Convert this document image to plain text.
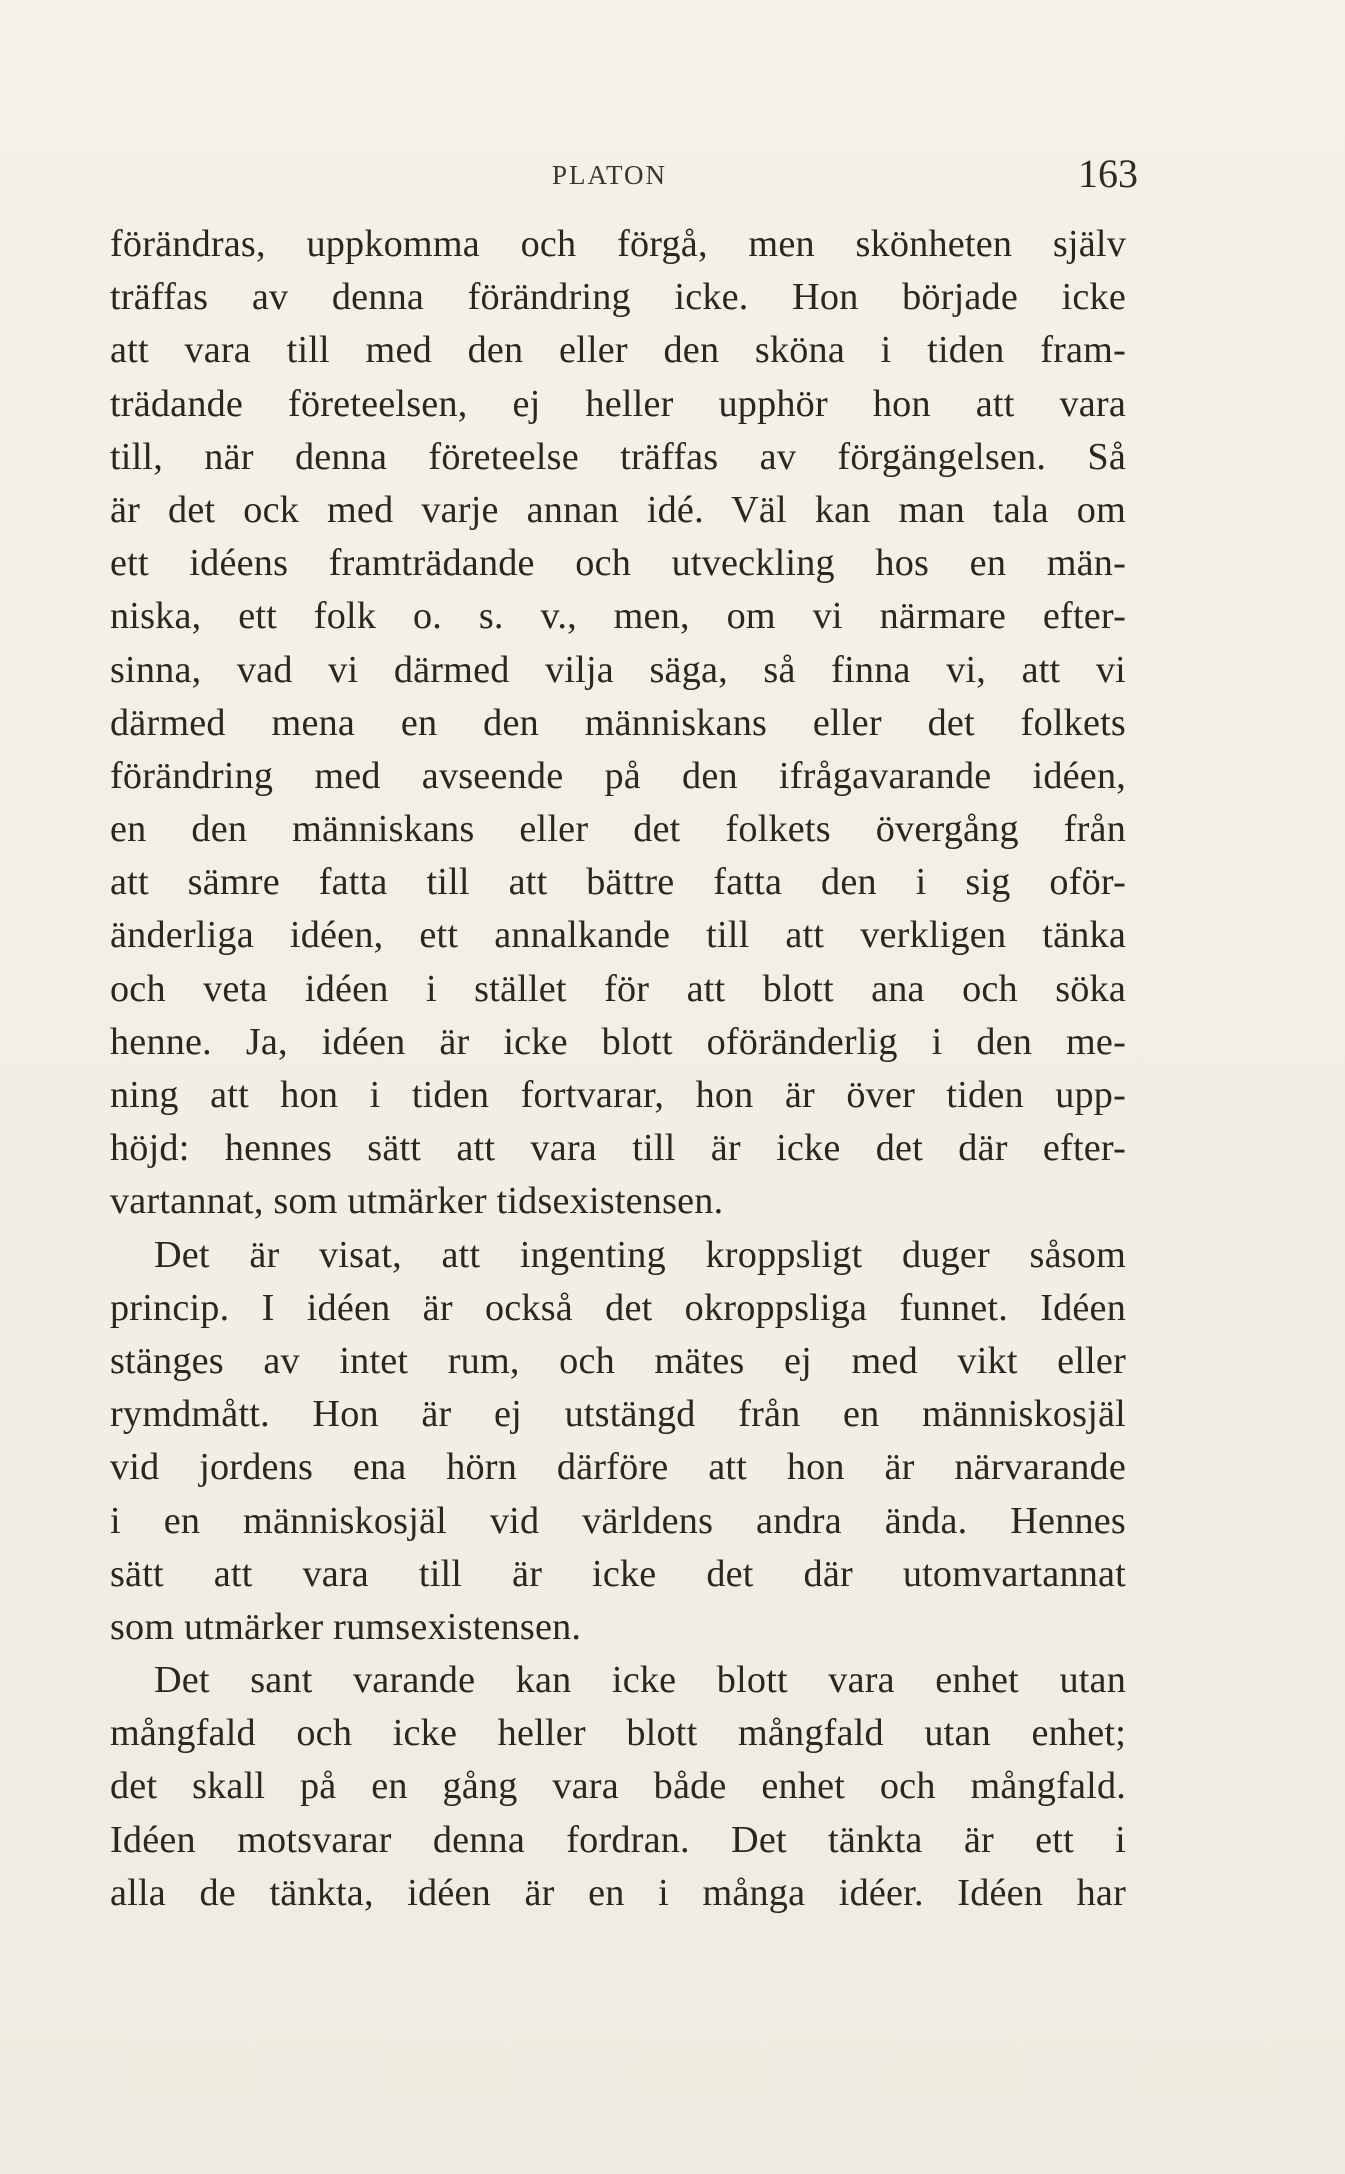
PLATON	163
förändras, uppkomma och förgå, men skönheten själv
träffas av denna förändring icke. Hon började icke
att vara till med den eller den sköna i tiden fram-
trädande företeelsen, ej heller upphör hon att vara
till, när denna företeelse träffas av förgängelsen. Så
är det ock med varje annan idé. Väl kan man tala om
ett idéens framträdande och utveckling hos en män-
niska, ett folk o. s. v., men, om vi närmare efter-
sinna, vad vi därmed vilja säga, så finna vi, att vi
därmed mena en den människans eller det folkets
förändring med avseende på den ifrågavarande idéen,
en den människans eller det folkets övergång från
att sämre fatta till att bättre fatta den i sig oför-
änderliga idéen, ett annalkande till att verkligen tänka
och veta idéen i stället för att blott ana och söka
henne. Ja, idéen är icke blott oföränderlig i den me-
ning att hon i tiden fortvarar, hon är över tiden upp-
höjd: hennes sätt att vara till är icke det där efter-
vartannat, som utmärker tidsexistensen.
Det är visat, att ingenting kroppsligt duger såsom
princip. I idéen är också det okroppsliga funnet. Idéen
stänges av intet rum, och mätes ej med vikt eller
rymdmått. Hon är ej utstängd från en människosjäl
vid jordens ena hörn därföre att hon är närvarande
i en människosjäl vid världens andra ända. Hennes
sätt att vara till är icke det där utomvartannat
som utmärker rumsexistensen.
Det sant varande kan icke blott vara enhet utan
mångfald och icke heller blott mångfald utan enhet;
det skall på en gång vara både enhet och mångfald.
Idéen motsvarar denna fordran. Det tänkta är ett i
alla de tänkta, idéen är en i många idéer. Idéen har
